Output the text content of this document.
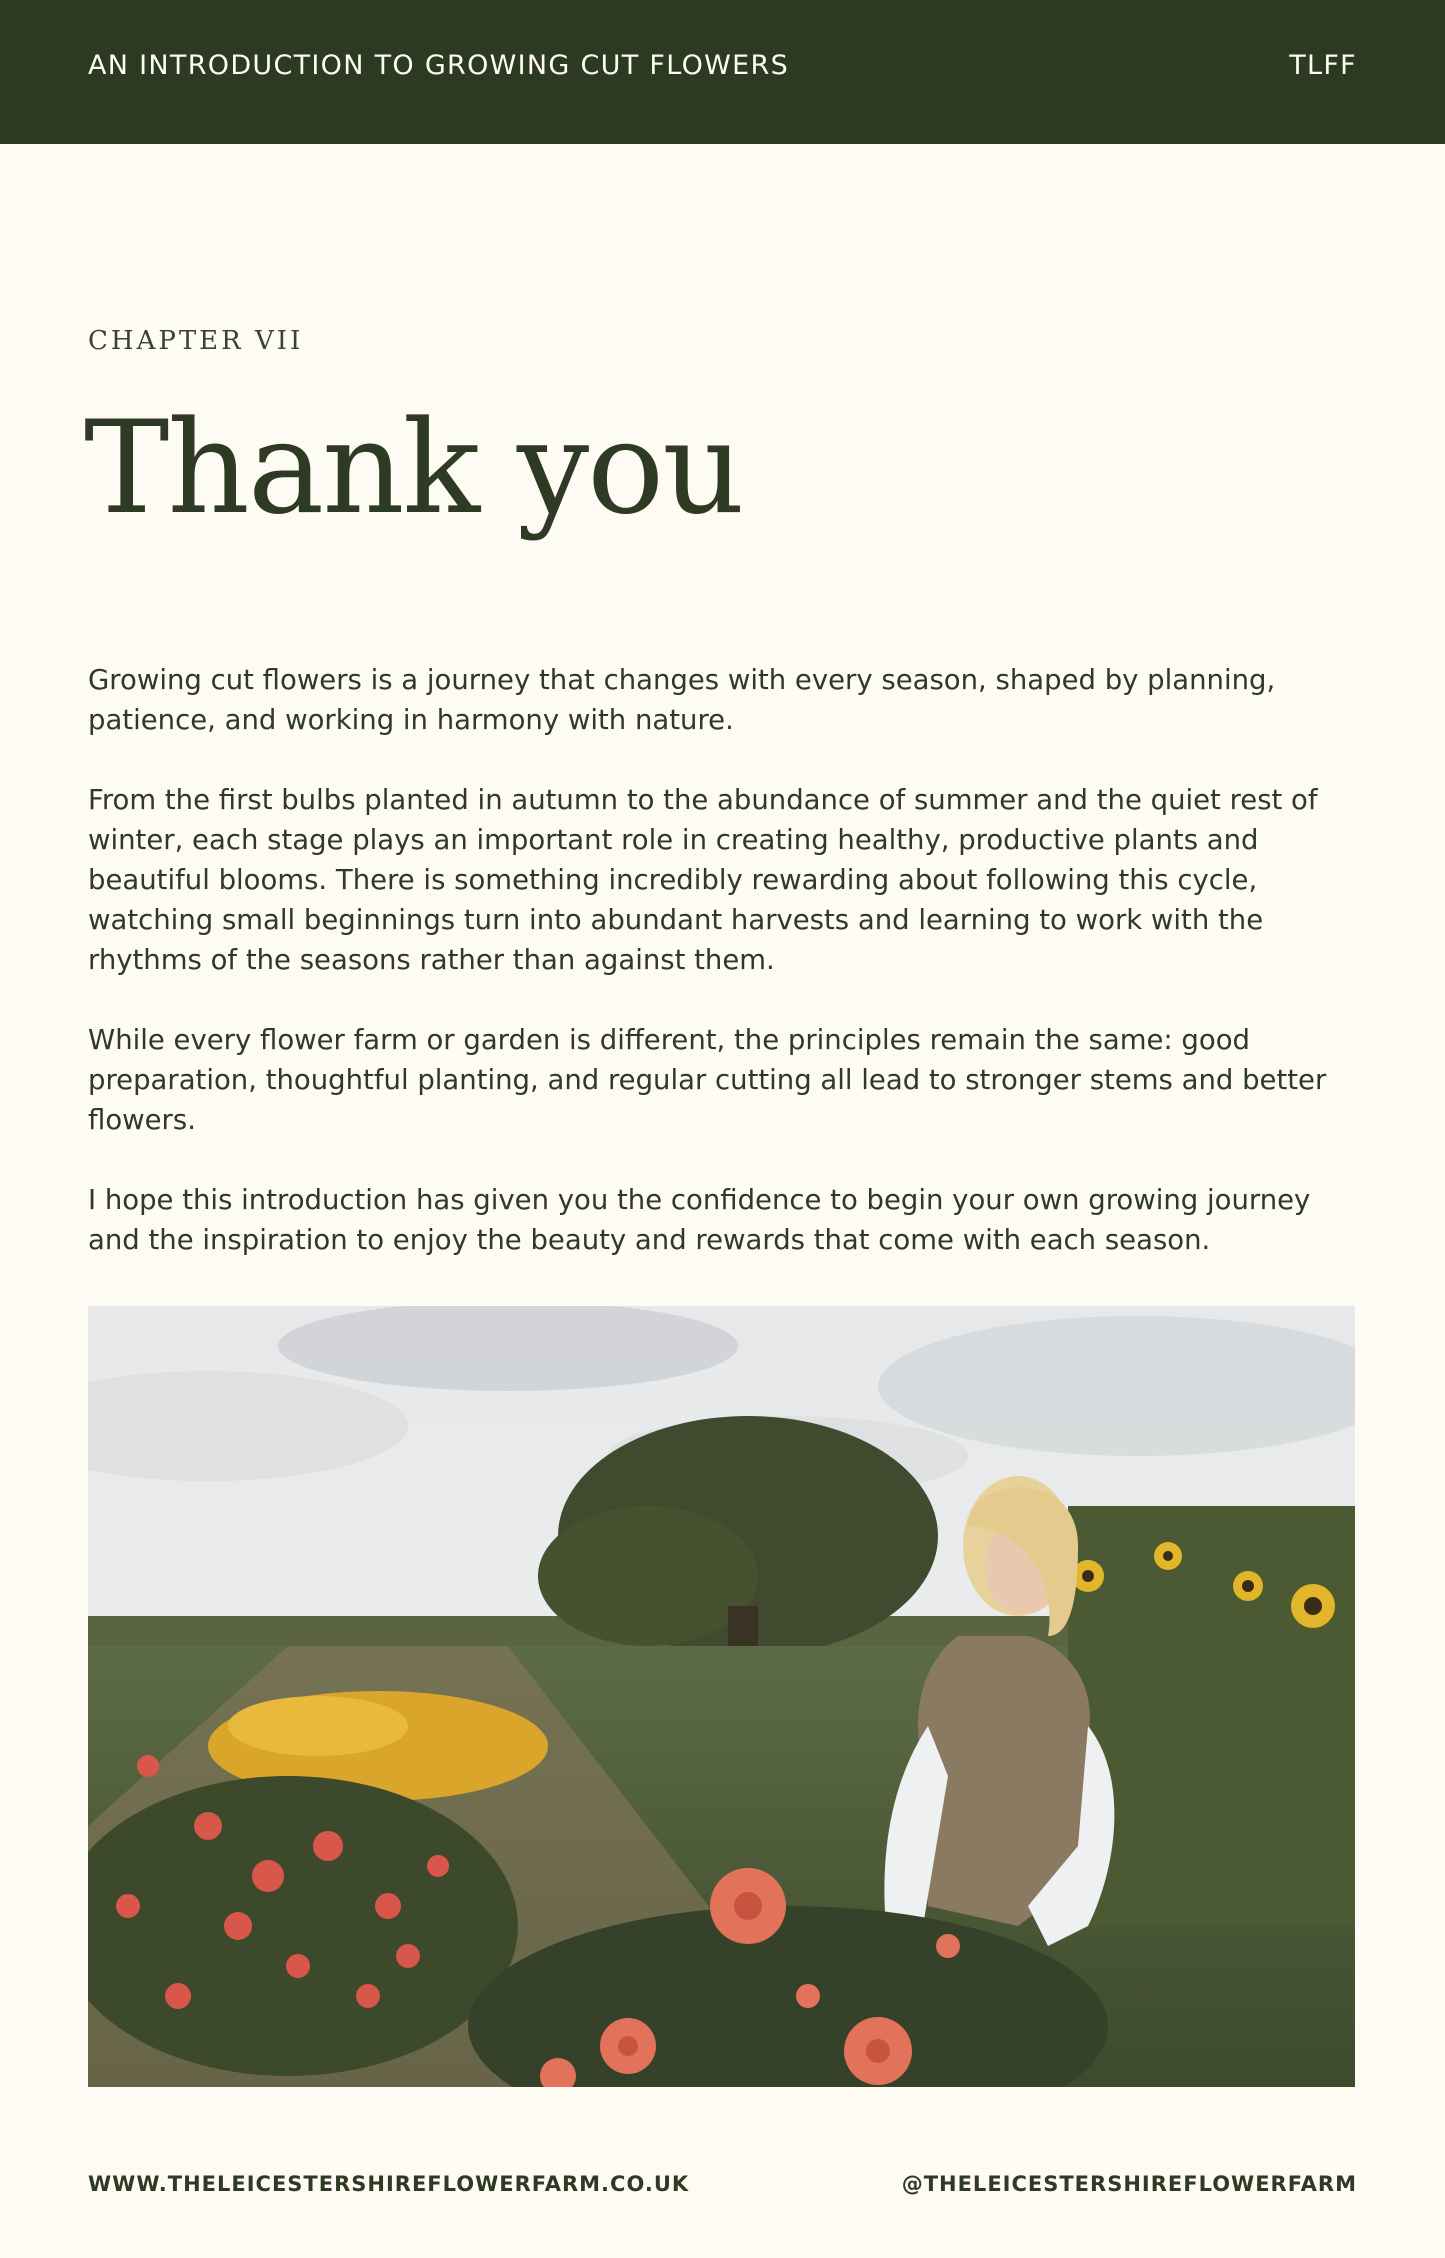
AN INTRODUCTION TO GROWING CUT FLOWERS	TLFF
CHAPTER VII
Thank you

Growing cut flowers is a journey that changes with every season, shaped by planning, patience, and working in harmony with nature.

From the first bulbs planted in autumn to the abundance of summer and the quiet rest of winter, each stage plays an important role in creating healthy, productive plants and beautiful blooms. There is something incredibly rewarding about following this cycle, watching small beginnings turn into abundant harvests and learning to work with the rhythms of the seasons rather than against them.

While every flower farm or garden is different, the principles remain the same: good preparation, thoughtful planting, and regular cutting all lead to stronger stems and better flowers.

I hope this introduction has given you the confidence to begin your own growing journey and the inspiration to enjoy the beauty and rewards that come with each season.

WWW.THELEICESTERSHIREFLOWERFARM.CO.UK	@THELEICESTERSHIREFLOWERFARM
